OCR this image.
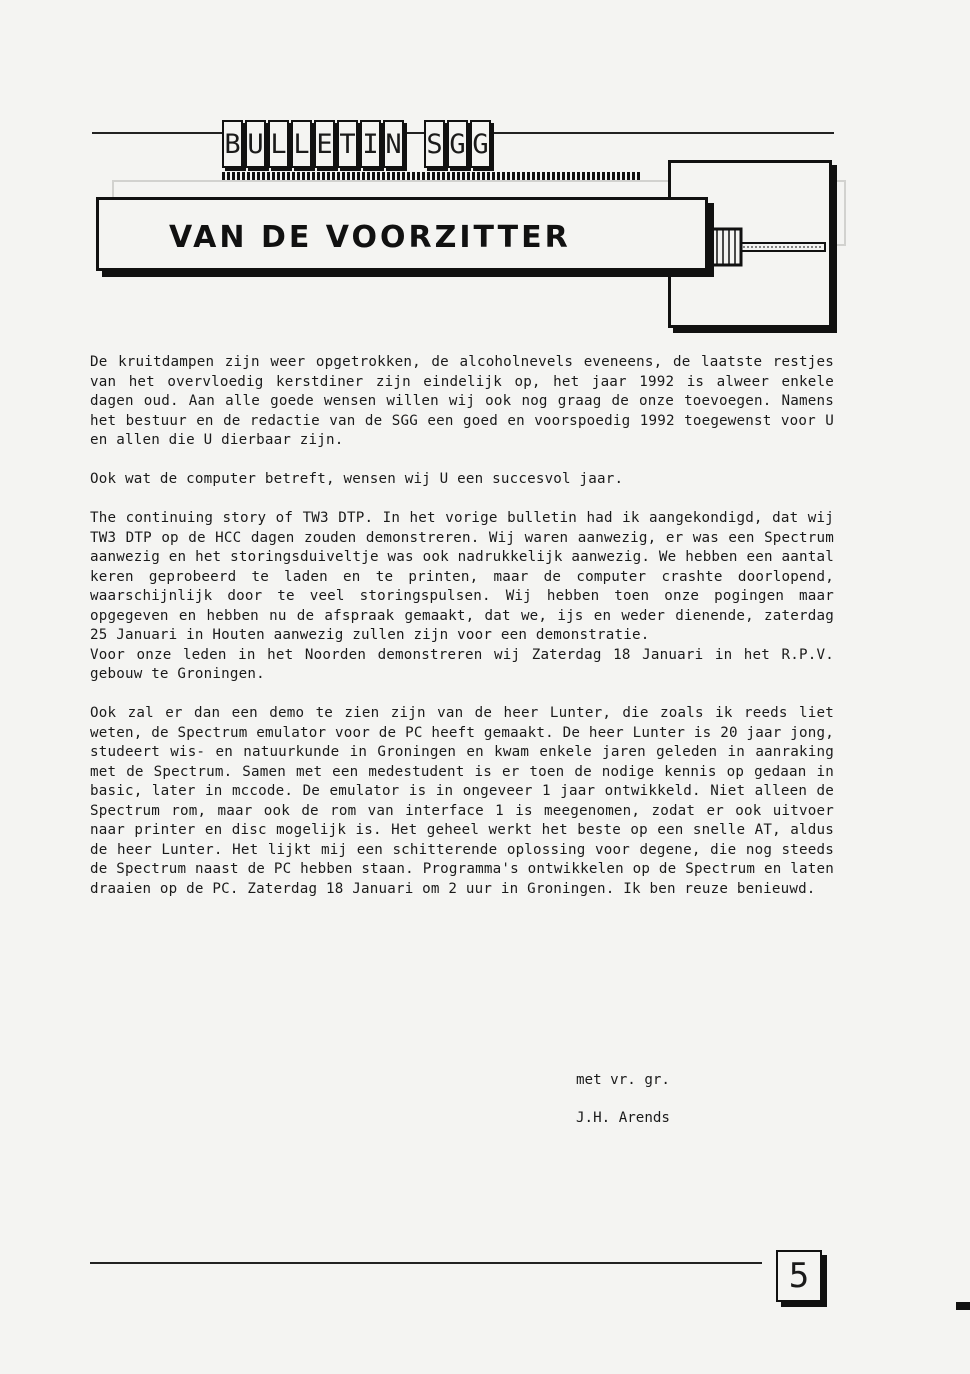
B U L L E T I N S G G
VAN DE VOORZITTER

De kruitdampen zijn weer opgetrokken, de alcoholnevels eveneens, de laatste restjes van het overvloedig kerstdiner zijn eindelijk op, het jaar 1992 is alweer enkele dagen oud. Aan alle goede wensen willen wij ook nog graag de onze toevoegen. Namens het bestuur en de redactie van de SGG een goed en voorspoedig 1992 toegewenst voor U en allen die U dierbaar zijn.

Ook wat de computer betreft, wensen wij U een succesvol jaar.

The continuing story of TW3 DTP. In het vorige bulletin had ik aangekondigd, dat wij TW3 DTP op de HCC dagen zouden demonstreren. Wij waren aanwezig, er was een Spectrum aanwezig en het storingsduiveltje was ook nadrukkelijk aanwezig. We hebben een aantal keren geprobeerd te laden en te printen, maar de computer crashte doorlopend, waarschijnlijk door te veel storingspulsen. Wij hebben toen onze pogingen maar opgegeven en hebben nu de afspraak gemaakt, dat we, ijs en weder dienende, zaterdag 25 Januari in Houten aanwezig zullen zijn voor een demonstratie.

Voor onze leden in het Noorden demonstreren wij Zaterdag 18 Januari in het R.P.V. gebouw te Groningen.

Ook zal er dan een demo te zien zijn van de heer Lunter, die zoals ik reeds liet weten, de Spectrum emulator voor de PC heeft gemaakt. De heer Lunter is 20 jaar jong, studeert wis- en natuurkunde in Groningen en kwam enkele jaren geleden in aanraking met de Spectrum. Samen met een medestudent is er toen de nodige kennis op gedaan in basic, later in mccode. De emulator is in ongeveer 1 jaar ontwikkeld. Niet alleen de Spectrum rom, maar ook de rom van interface 1 is meegenomen, zodat er ook uitvoer naar printer en disc mogelijk is. Het geheel werkt het beste op een snelle AT, aldus de heer Lunter. Het lijkt mij een schitterende oplossing voor degene, die nog steeds de Spectrum naast de PC hebben staan. Programma's ontwikkelen op de Spectrum en laten draaien op de PC. Zaterdag 18 Januari om 2 uur in Groningen. Ik ben reuze benieuwd.

met vr. gr.
J.H. Arends
5
